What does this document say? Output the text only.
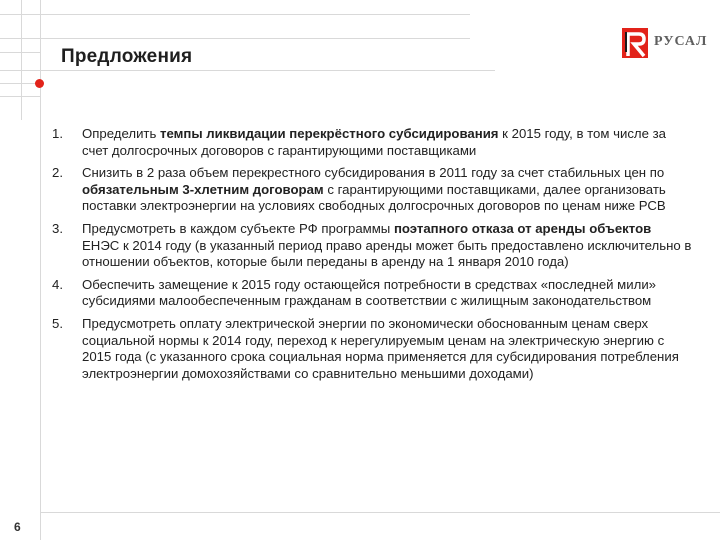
Предложения
РУСАЛ
1. Определить темпы ликвидации перекрёстного субсидирования к 2015 году, в том числе за счет долгосрочных договоров с гарантирующими поставщиками
2. Снизить в 2 раза объем перекрестного субсидирования в 2011 году за счет стабильных цен по обязательным 3-хлетним договорам с гарантирующими поставщиками, далее организовать поставки электроэнергии на условиях свободных долгосрочных договоров по ценам ниже РСВ
3. Предусмотреть в каждом субъекте РФ программы поэтапного отказа от аренды объектов ЕНЭС к 2014 году (в указанный период право аренды может быть предоставлено исключительно в отношении объектов, которые были переданы в аренду на 1 января 2010 года)
4. Обеспечить замещение к 2015 году остающейся потребности в средствах «последней мили» субсидиями малообеспеченным гражданам в соответствии с жилищным законодательством
5. Предусмотреть оплату электрической энергии по экономически обоснованным ценам сверх социальной нормы к 2014 году, переход к нерегулируемым ценам на электрическую энергию с 2015 года (с указанного срока социальная норма применяется для субсидирования потребления электроэнергии домохозяйствами со сравнительно меньшими доходами)
6
